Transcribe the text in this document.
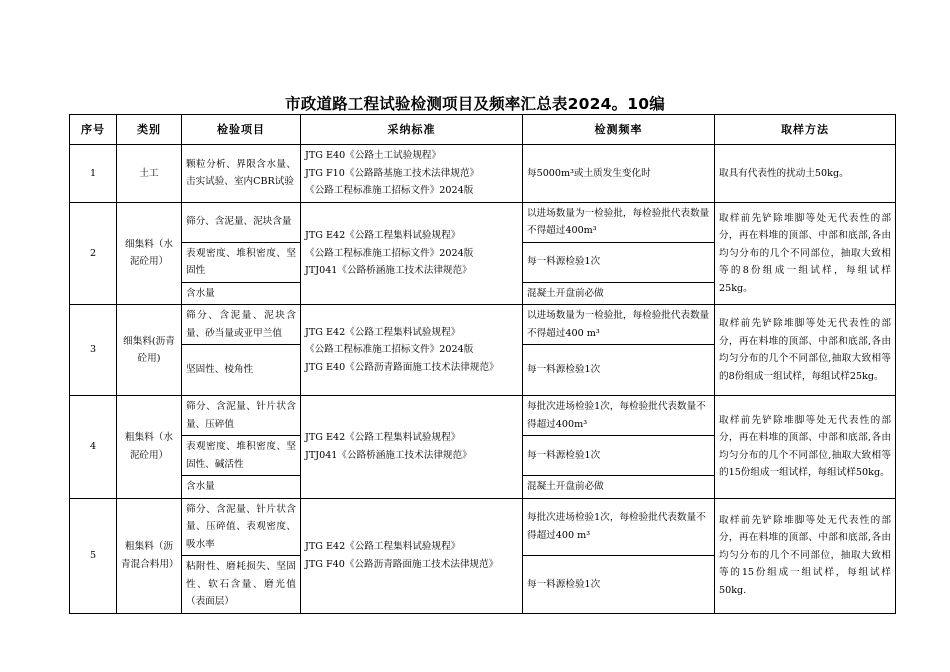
市政道路工程试验检测项目及频率汇总表2024。10编
序号	类别	检验项目	采纳标准	检测频率	取样方法
1	土工	颗粒分析、界限含水量、击实试验、室内CBR试验	JTG E40《公路土工试验规程》
JTG F10《公路路基施工技术法律规范》
《公路工程标准施工招标文件》2024版	每5000m³或土质发生变化时	取具有代表性的扰动土50kg。
2	细集料（水泥砼用）	筛分、含泥量、泥块含量	JTG E42《公路工程集料试验规程》
《公路工程标准施工招标文件》2024版
JTJ041《公路桥涵施工技术法律规范》	以进场数量为一检验批，每检验批代表数量不得超过400m³	取样前先铲除堆脚等处无代表性的部分，再在料堆的顶部、中部和底部,各由均匀分布的几个不同部位，抽取大致相等的8份组成一组试样，每组试样25kg。
		表观密度、堆积密度、坚固性		每一料源检验1次	
		含水量		混凝土开盘前必做	
3	细集料(沥青砼用)	筛分、含泥量、泥块含量、砂当量或亚甲兰值	JTG E42《公路工程集料试验规程》
《公路工程标准施工招标文件》2024版
JTG E40《公路沥青路面施工技术法律规范》	以进场数量为一检验批，每检验批代表数量不得超过400 m³	取样前先铲除堆脚等处无代表性的部分，再在料堆的顶部、中部和底部,各由均匀分布的几个不同部位,抽取大致相等的8份组成一组试样，每组试样25kg。
		坚固性、棱角性		每一料源检验1次	
4	粗集料（水泥砼用）	筛分、含泥量、针片状含量、压碎值	JTG E42《公路工程集料试验规程》
JTJ041《公路桥涵施工技术法律规范》	每批次进场检验1次，每检验批代表数量不得超过400m³	取样前先铲除堆脚等处无代表性的部分，再在料堆的顶部、中部和底部,各由均匀分布的几个不同部位,抽取大致相等的15份组成一组试样，每组试样50kg。
		表观密度、堆积密度、坚固性、碱活性		每一料源检验1次	
		含水量		混凝土开盘前必做	
5	粗集料（沥青混合料用）	筛分、含泥量、针片状含量、压碎值、表观密度、吸水率	JTG E42《公路工程集料试验规程》
JTG F40《公路沥青路面施工技术法律规范》	每批次进场检验1次，每检验批代表数量不得超过400 m³	取样前先铲除堆脚等处无代表性的部分，再在料堆的顶部、中部和底部,各由均匀分布的几个不同部位，抽取大致相等的15份组成一组试样，每组试样50kg.
		粘附性、磨耗损失、坚固性、软石含量、磨光值（表面层）		每一料源检验1次	
